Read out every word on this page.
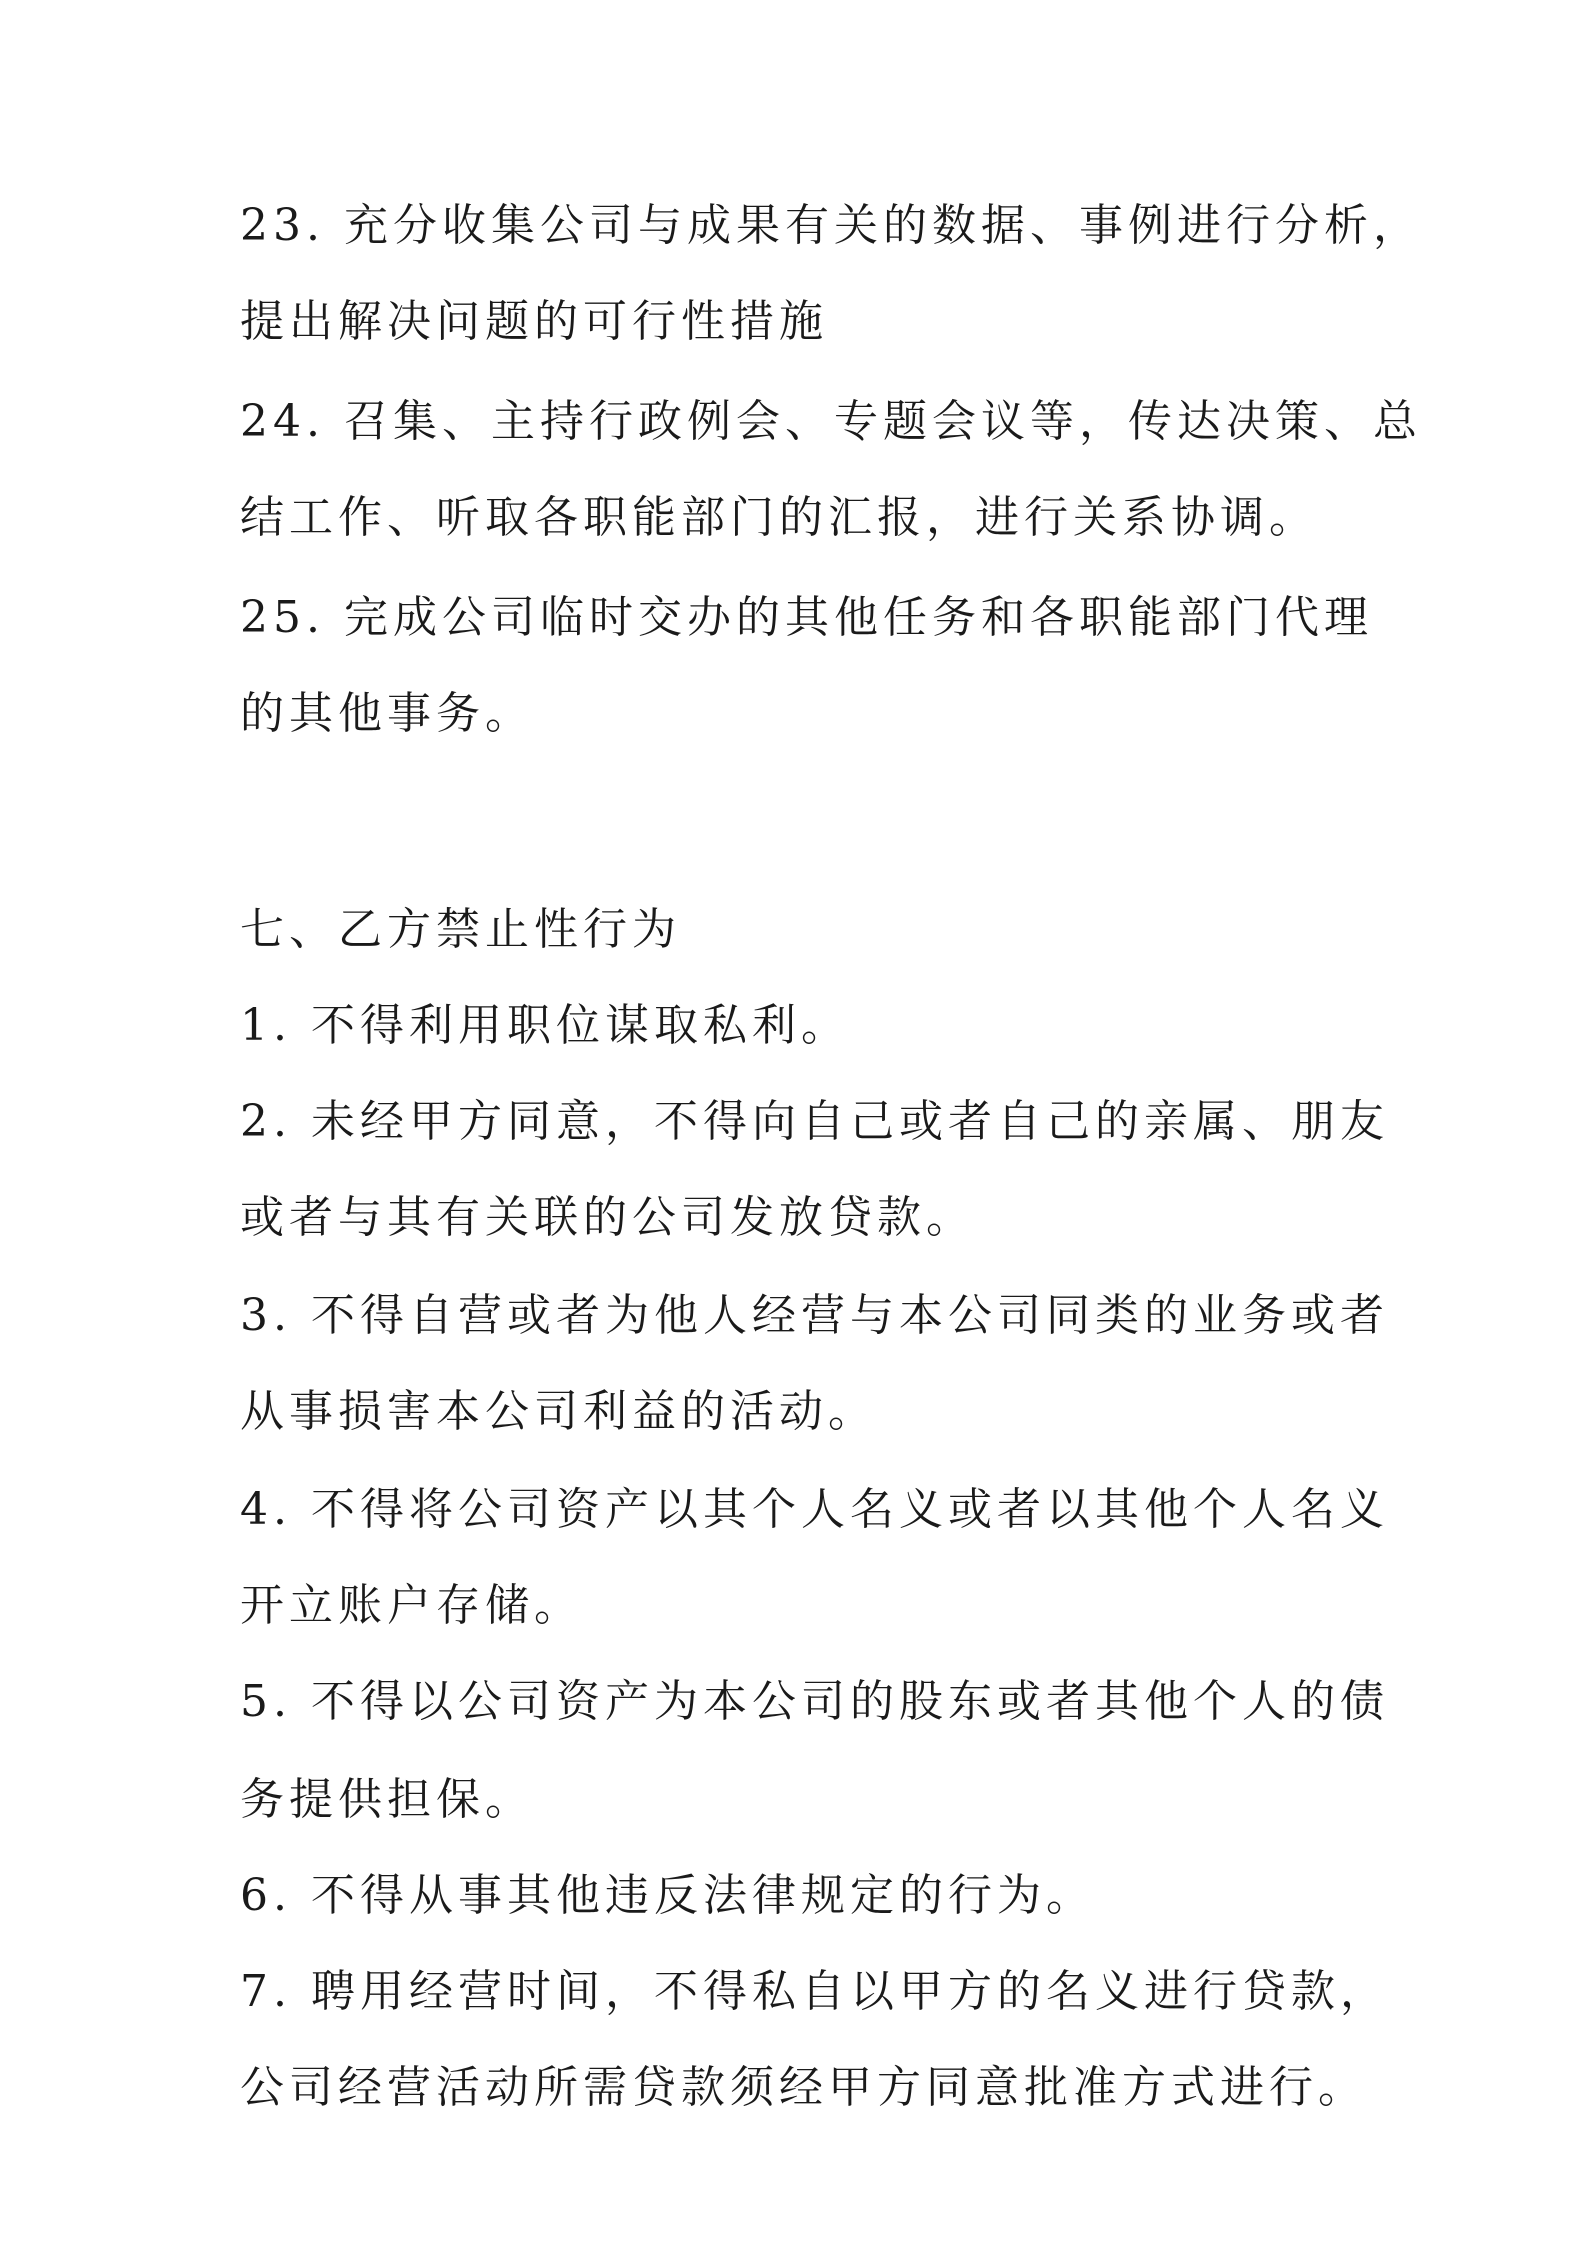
23. 充分收集公司与成果有关的数据、事例进行分析，
提出解决问题的可行性措施
24. 召集、主持行政例会、专题会议等，传达决策、总
结工作、听取各职能部门的汇报，进行关系协调。
25. 完成公司临时交办的其他任务和各职能部门代理
的其他事务。
七、乙方禁止性行为
1. 不得利用职位谋取私利。
2. 未经甲方同意，不得向自己或者自己的亲属、朋友
或者与其有关联的公司发放贷款。
3. 不得自营或者为他人经营与本公司同类的业务或者
从事损害本公司利益的活动。
4. 不得将公司资产以其个人名义或者以其他个人名义
开立账户存储。
5. 不得以公司资产为本公司的股东或者其他个人的债
务提供担保。
6. 不得从事其他违反法律规定的行为。
7. 聘用经营时间，不得私自以甲方的名义进行贷款，
公司经营活动所需贷款须经甲方同意批准方式进行。
